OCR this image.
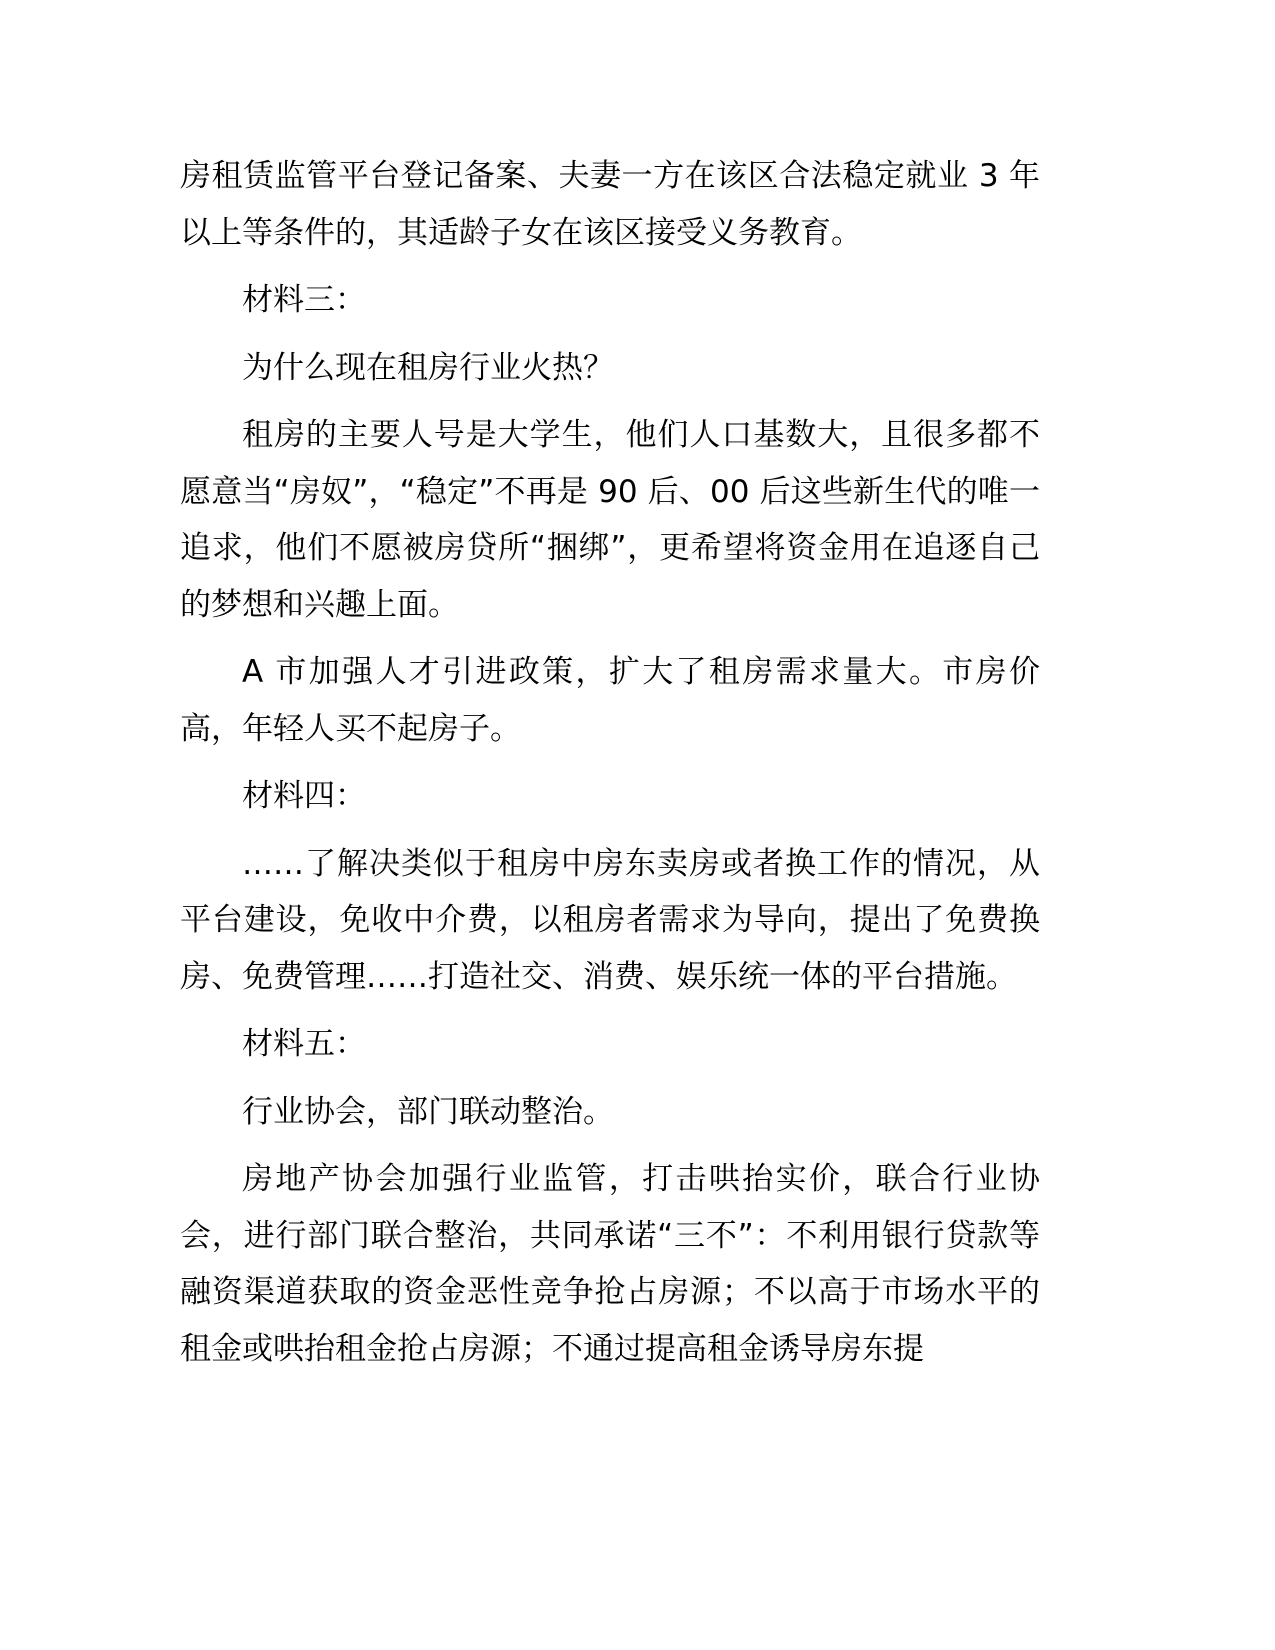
房租赁监管平台登记备案、夫妻一方在该区合法稳定就业 3 年以上等条件的，其适龄子女在该区接受义务教育。

材料三：

为什么现在租房行业火热？

租房的主要人号是大学生，他们人口基数大，且很多都不愿意当“房奴”，“稳定”不再是 90 后、00 后这些新生代的唯一追求，他们不愿被房贷所“捆绑”，更希望将资金用在追逐自己的梦想和兴趣上面。

A 市加强人才引进政策，扩大了租房需求量大。市房价高，年轻人买不起房子。

材料四：

……了解决类似于租房中房东卖房或者换工作的情况，从平台建设，免收中介费，以租房者需求为导向，提出了免费换房、免费管理……打造社交、消费、娱乐统一体的平台措施。

材料五：

行业协会，部门联动整治。

房地产协会加强行业监管，打击哄抬实价，联合行业协会，进行部门联合整治，共同承诺“三不”：不利用银行贷款等融资渠道获取的资金恶性竞争抢占房源；不以高于市场水平的租金或哄抬租金抢占房源；不通过提高租金诱导房东提
